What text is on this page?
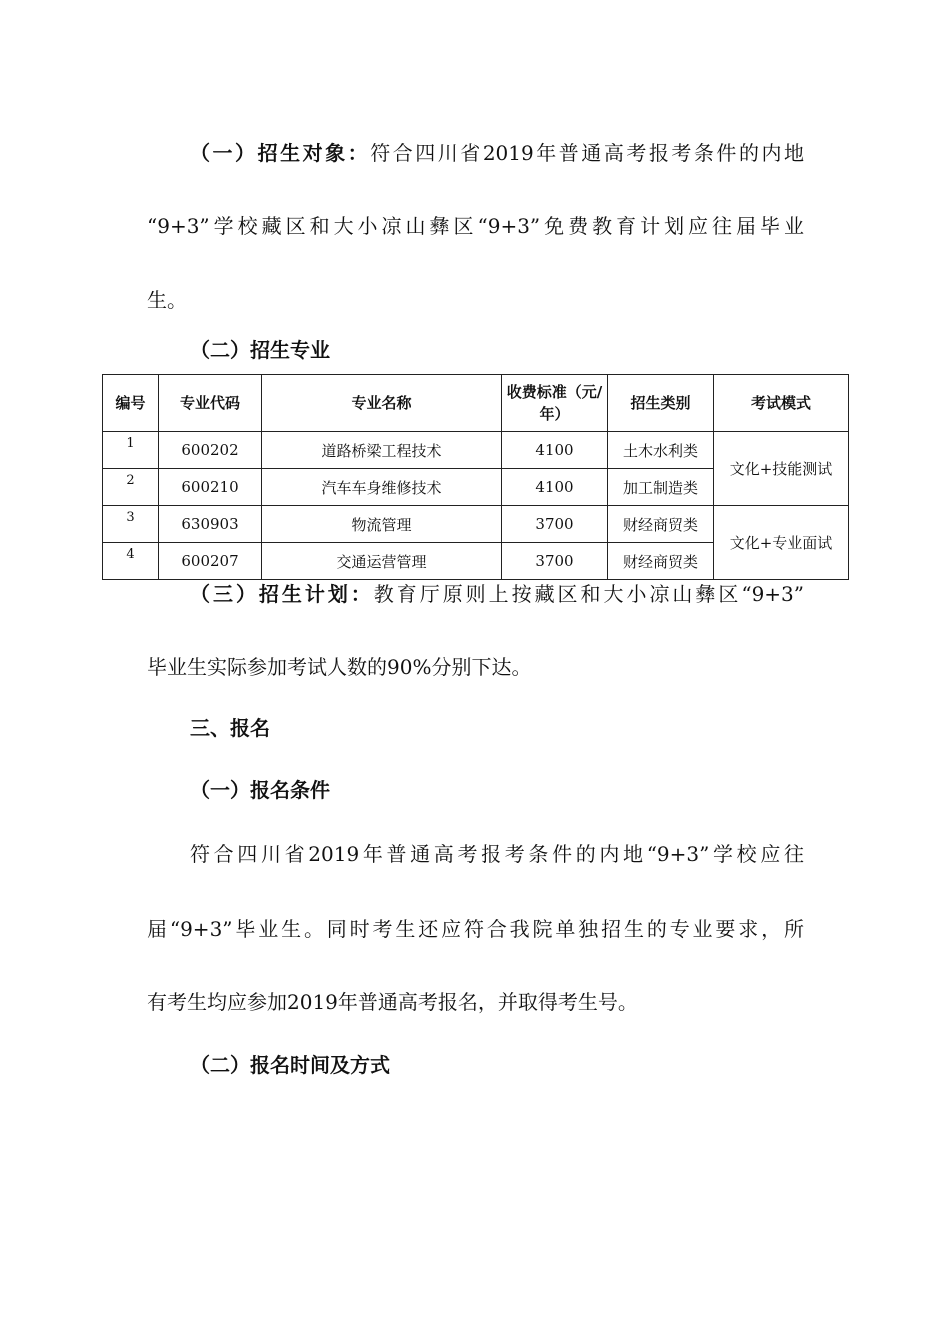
（一）招生对象：符合四川省2019年普通高考报考条件的内地
“9+3”学校藏区和大小凉山彝区“9+3”免费教育计划应往届毕业
生。
（二）招生专业
编号	专业代码	专业名称	收费标准（元/
年）	招生类别	考试模式
1	600202	道路桥梁工程技术	4100	土木水利类	文化+技能测试
2	600210	汽车车身维修技术	4100	加工制造类	
3	630903	物流管理	3700	财经商贸类	文化+专业面试
4	600207	交通运营管理	3700	财经商贸类	
（三）招生计划：教育厅原则上按藏区和大小凉山彝区“9+3”
毕业生实际参加考试人数的90%分别下达。
三、报名
（一）报名条件
符合四川省2019年普通高考报考条件的内地“9+3”学校应往
届“9+3”毕业生。同时考生还应符合我院单独招生的专业要求，所
有考生均应参加2019年普通高考报名，并取得考生号。
（二）报名时间及方式
